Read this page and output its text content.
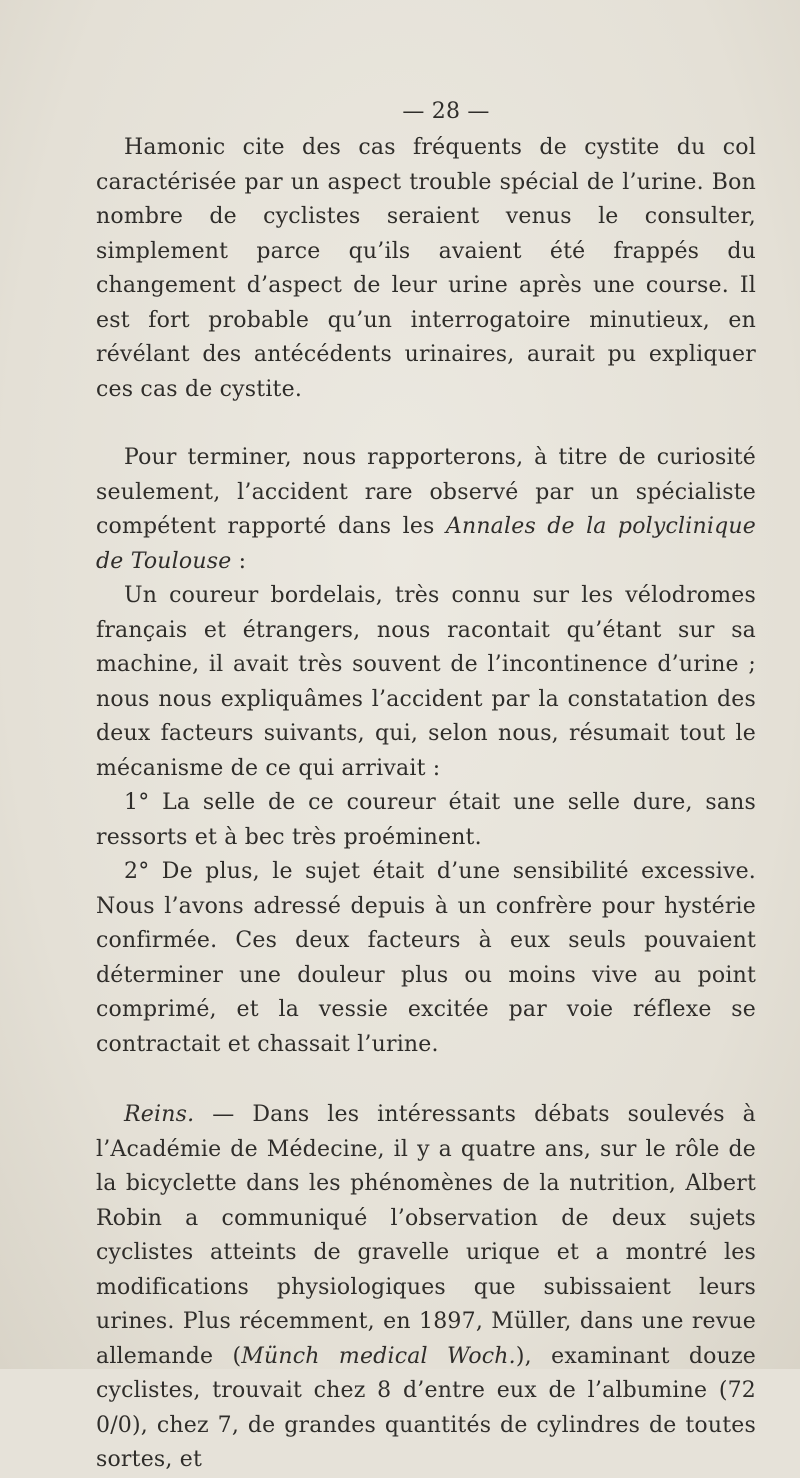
— 28 —

Hamonic cite des cas fréquents de cystite du col caractérisée par un aspect trouble spécial de l’urine. Bon nombre de cyclistes seraient venus le consulter, simplement parce qu’ils avaient été frappés du changement d’aspect de leur urine après une course. Il est fort probable qu’un interrogatoire minutieux, en révélant des antécédents urinaires, aurait pu expliquer ces cas de cystite.

Pour terminer, nous rapporterons, à titre de curiosité seulement, l’accident rare observé par un spécialiste compétent rapporté dans les Annales de la polyclinique de Toulouse :

Un coureur bordelais, très connu sur les vélodromes français et étrangers, nous racontait qu’étant sur sa machine, il avait très souvent de l’incontinence d’urine ; nous nous expliquâmes l’accident par la constatation des deux facteurs suivants, qui, selon nous, résumait tout le mécanisme de ce qui arrivait :

1° La selle de ce coureur était une selle dure, sans ressorts et à bec très proéminent.

2° De plus, le sujet était d’une sensibilité excessive. Nous l’avons adressé depuis à un confrère pour hystérie confirmée. Ces deux facteurs à eux seuls pouvaient déterminer une douleur plus ou moins vive au point comprimé, et la vessie excitée par voie réflexe se contractait et chassait l’urine.

Reins. — Dans les intéressants débats soulevés à l’Académie de Médecine, il y a quatre ans, sur le rôle de la bicyclette dans les phénomènes de la nutrition, Albert Robin a communiqué l’observation de deux sujets cyclistes atteints de gravelle urique et a montré les modifications physiologiques que subissaient leurs urines. Plus récemment, en 1897, Müller, dans une revue allemande (Münch medical Woch.), examinant douze cyclistes, trouvait chez 8 d’entre eux de l’albumine (72 0/0), chez 7, de grandes quantités de cylindres de toutes sortes, et
